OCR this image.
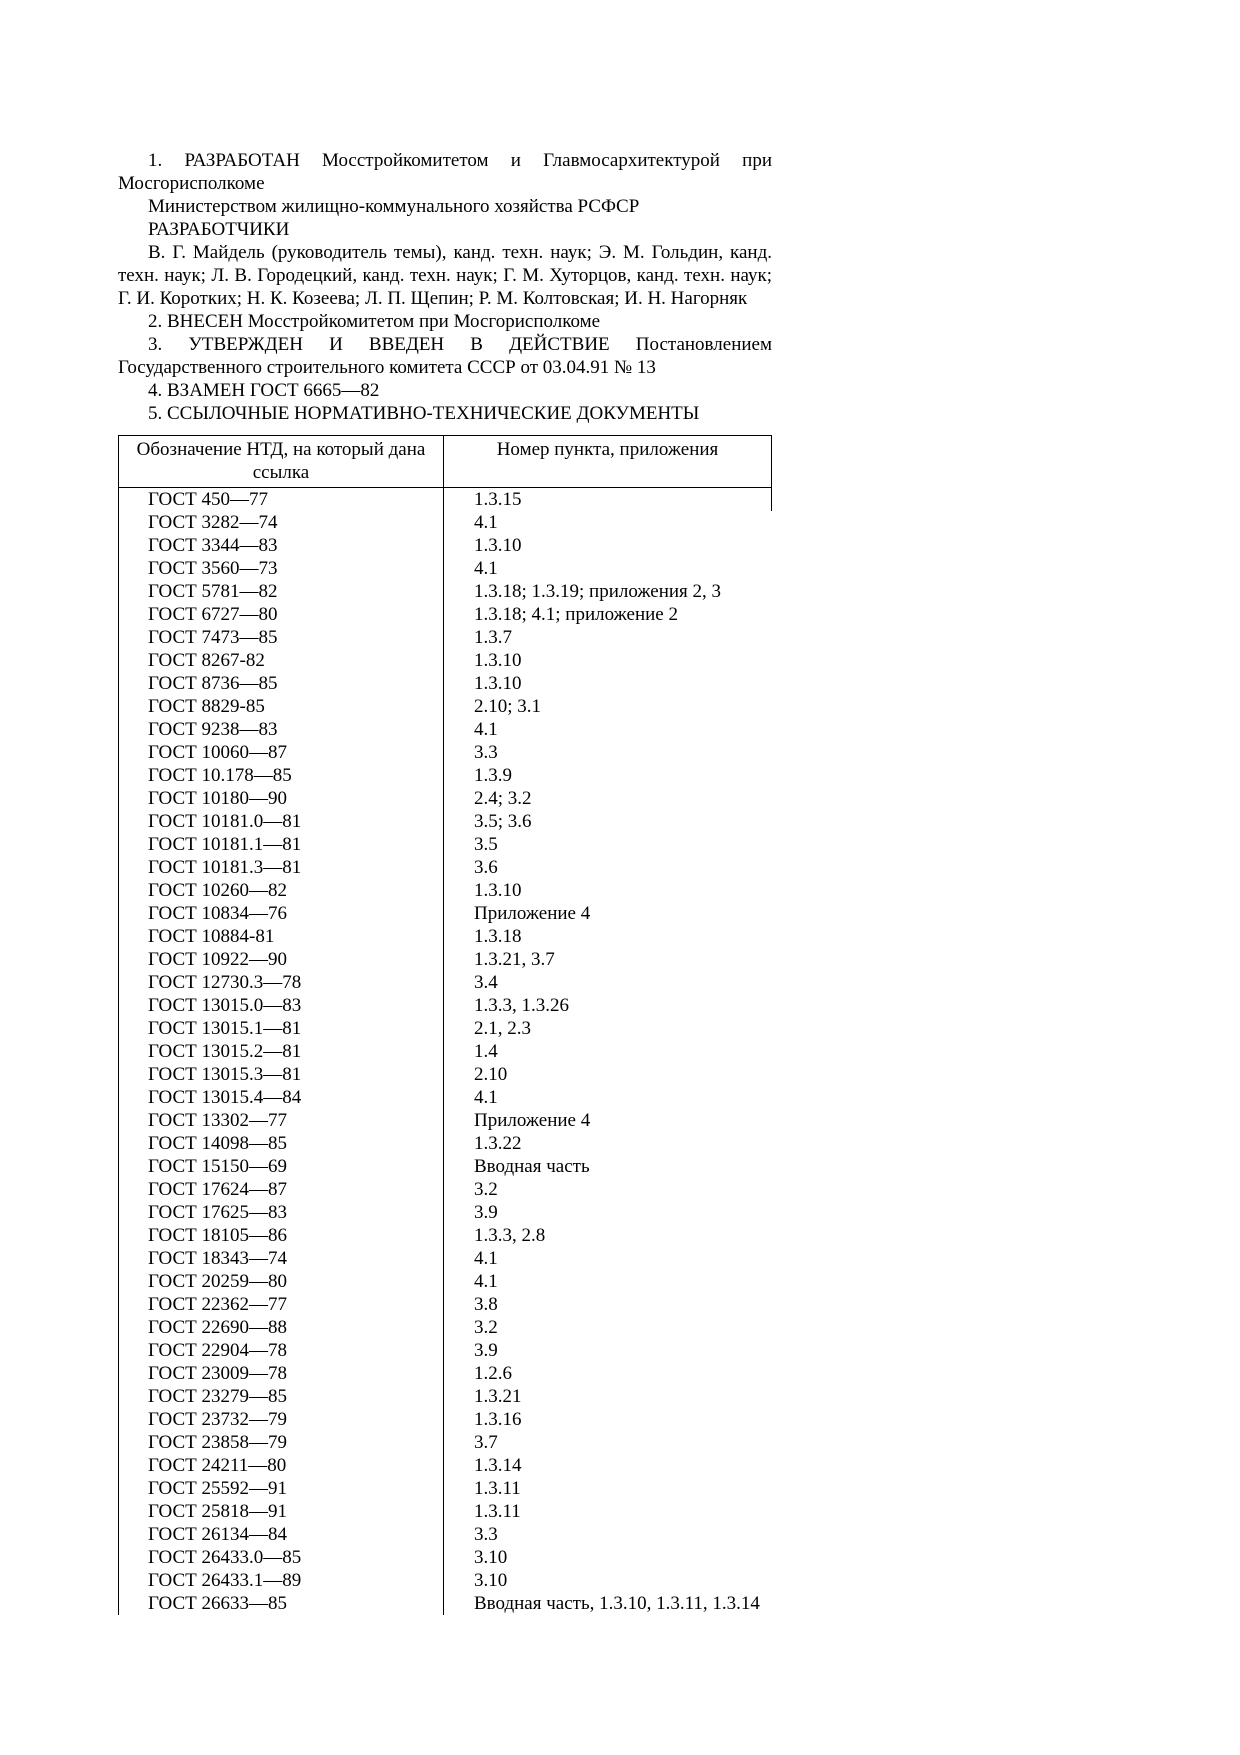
1. РАЗРАБОТАН Мосстройкомитетом и Главмосархитектурой при Мосгорисполкоме

Министерством жилищно-коммунального хозяйства РСФСР

РАЗРАБОТЧИКИ

В. Г. Майдель (руководитель темы), канд. техн. наук; Э. М. Гольдин, канд. техн. наук; Л. В. Городецкий, канд. техн. наук; Г. М. Хуторцов, канд. техн. наук; Г. И. Коротких; Н. К. Козеева; Л. П. Щепин; Р. М. Колтовская; И. Н. Нагорняк

2. ВНЕСЕН Мосстройкомитетом при Мосгорисполкоме

3. УТВЕРЖДЕН И ВВЕДЕН В ДЕЙСТВИЕ Постановлением Государственного строительного комитета СССР от 03.04.91 № 13

4. ВЗАМЕН ГОСТ 6665—82

5. ССЫЛОЧНЫЕ НОРМАТИВНО-ТЕХНИЧЕСКИЕ ДОКУМЕНТЫ

Обозначение НТД, на который дана ссылка	Номер пункта, приложения
ГОСТ 450—77	1.3.15
ГОСТ 3282—74	4.1
ГОСТ 3344—83	1.3.10
ГОСТ 3560—73	4.1
ГОСТ 5781—82	1.3.18; 1.3.19; приложения 2, 3
ГОСТ 6727—80	1.3.18; 4.1; приложение 2
ГОСТ 7473—85	1.3.7
ГОСТ 8267-82	1.3.10
ГОСТ 8736—85	1.3.10
ГОСТ 8829-85	2.10; 3.1
ГОСТ 9238—83	4.1
ГОСТ 10060—87	3.3
ГОСТ 10.178—85	1.3.9
ГОСТ 10180—90	2.4; 3.2
ГОСТ 10181.0—81	3.5; 3.6
ГОСТ 10181.1—81	3.5
ГОСТ 10181.3—81	3.6
ГОСТ 10260—82	1.3.10
ГОСТ 10834—76	Приложение 4
ГОСТ 10884-81	1.3.18
ГОСТ 10922—90	1.3.21, 3.7
ГОСТ 12730.3—78	3.4
ГОСТ 13015.0—83	1.3.3, 1.3.26
ГОСТ 13015.1—81	2.1, 2.3
ГОСТ 13015.2—81	1.4
ГОСТ 13015.3—81	2.10
ГОСТ 13015.4—84	4.1
ГОСТ 13302—77	Приложение 4
ГОСТ 14098—85	1.3.22
ГОСТ 15150—69	Вводная часть
ГОСТ 17624—87	3.2
ГОСТ 17625—83	3.9
ГОСТ 18105—86	1.3.3, 2.8
ГОСТ 18343—74	4.1
ГОСТ 20259—80	4.1
ГОСТ 22362—77	3.8
ГОСТ 22690—88	3.2
ГОСТ 22904—78	3.9
ГОСТ 23009—78	1.2.6
ГОСТ 23279—85	1.3.21
ГОСТ 23732—79	1.3.16
ГОСТ 23858—79	3.7
ГОСТ 24211—80	1.3.14
ГОСТ 25592—91	1.3.11
ГОСТ 25818—91	1.3.11
ГОСТ 26134—84	3.3
ГОСТ 26433.0—85	3.10
ГОСТ 26433.1—89	3.10
ГОСТ 26633—85	Вводная часть, 1.3.10, 1.3.11, 1.3.14
